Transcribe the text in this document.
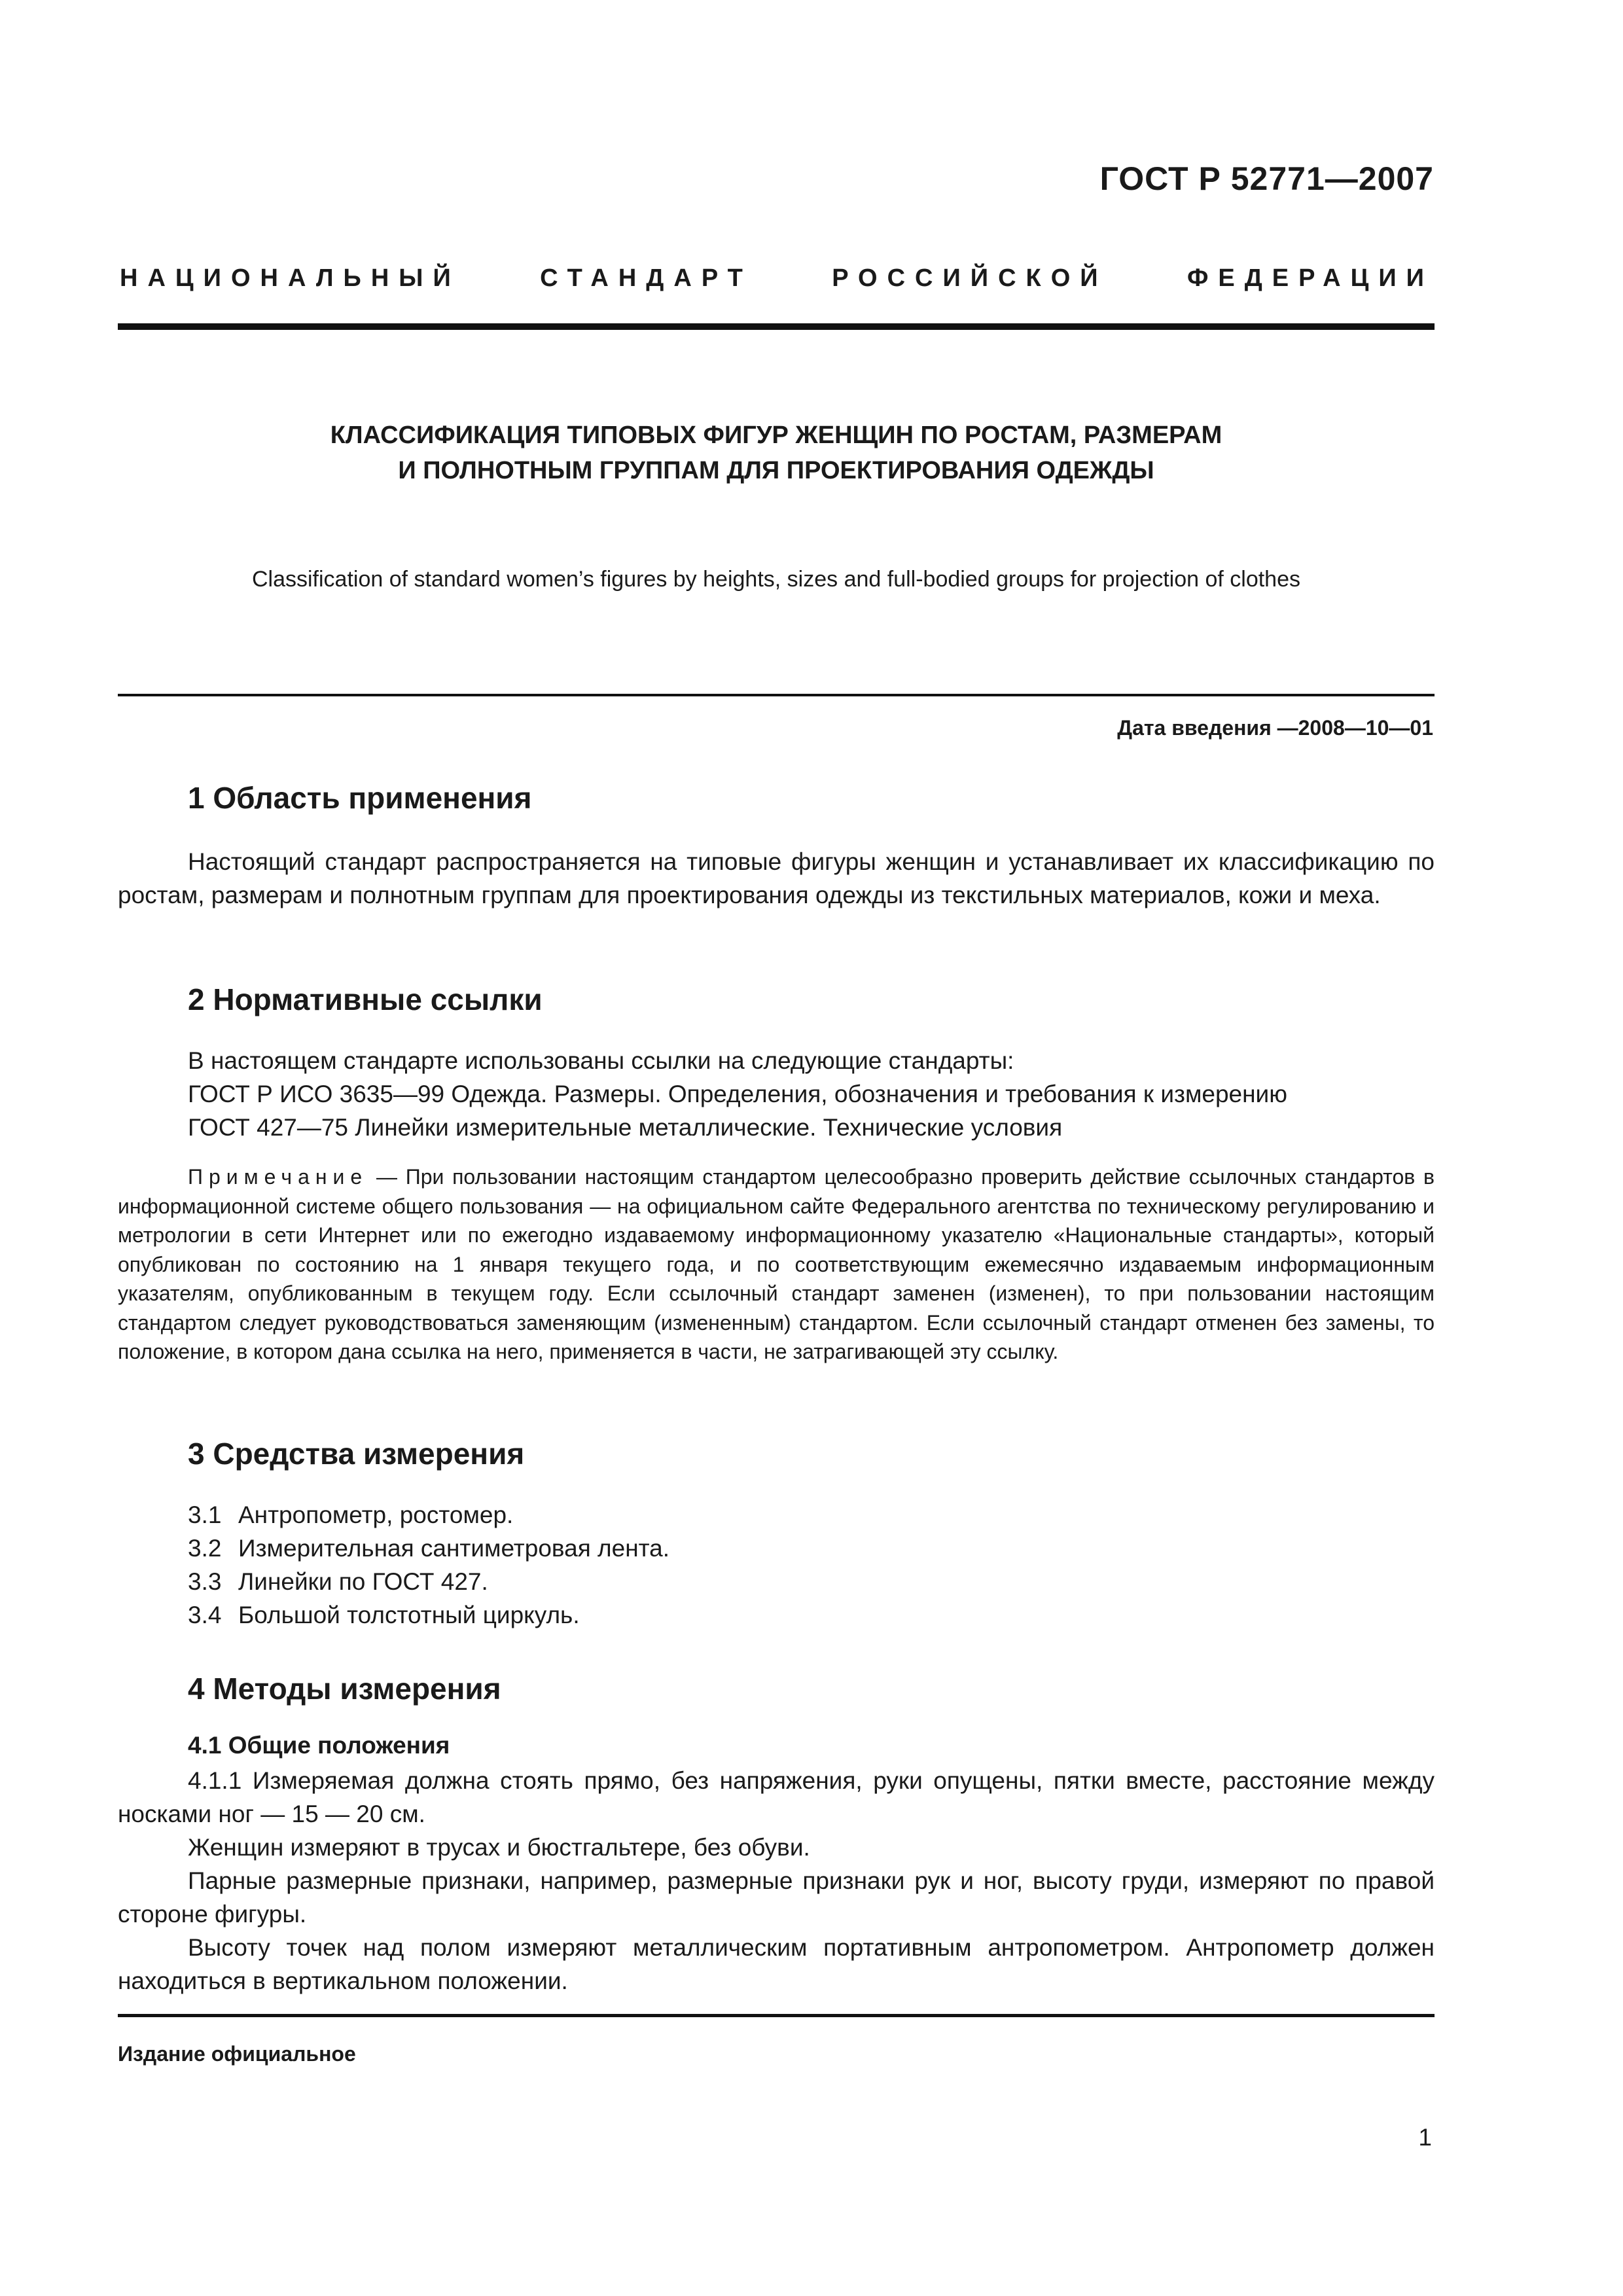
ГОСТ Р 52771—2007
НАЦИОНАЛЬНЫЙ	СТАНДАРТ	РОССИЙСКОЙ	ФЕДЕРАЦИИ
КЛАССИФИКАЦИЯ ТИПОВЫХ ФИГУР ЖЕНЩИН ПО РОСТАМ, РАЗМЕРАМ
И ПОЛНОТНЫМ ГРУППАМ ДЛЯ ПРОЕКТИРОВАНИЯ ОДЕЖДЫ
Classification of standard women’s figures by heights, sizes and full-bodied groups for projection of clothes
Дата введения —2008—10—01
1 Область применения

Настоящий стандарт распространяется на типовые фигуры женщин и устанавливает их классификацию по ростам, размерам и полнотным группам для проектирования одежды из текстильных материалов, кожи и меха.

2 Нормативные ссылки
В настоящем стандарте использованы ссылки на следующие стандарты:
ГОСТ Р ИСО 3635—99 Одежда. Размеры. Определения, обозначения и требования к измерению
ГОСТ 427—75 Линейки измерительные металлические. Технические условия

Примечание — При пользовании настоящим стандартом целесообразно проверить действие ссылочных стандартов в информационной системе общего пользования — на официальном сайте Федерального агентства по техническому регулированию и метрологии в сети Интернет или по ежегодно издаваемому информационному указателю «Национальные стандарты», который опубликован по состоянию на 1 января текущего года, и по соответствующим ежемесячно издаваемым информационным указателям, опубликованным в текущем году. Если ссылочный стандарт заменен (изменен), то при пользовании настоящим стандартом следует руководствоваться заменяющим (измененным) стандартом. Если ссылочный стандарт отменен без замены, то положение, в котором дана ссылка на него, применяется в части, не затрагивающей эту ссылку.

3 Средства измерения
3.1 Антропометр, ростомер.
3.2 Измерительная сантиметровая лента.
3.3 Линейки по ГОСТ 427.
3.4 Большой толстотный циркуль.
4 Методы измерения
4.1 Общие положения

4.1.1 Измеряемая должна стоять прямо, без напряжения, руки опущены, пятки вместе, расстояние между носками ног — 15 — 20 см.

Женщин измеряют в трусах и бюстгальтере, без обуви.

Парные размерные признаки, например, размерные признаки рук и ног, высоту груди, измеряют по правой стороне фигуры.

Высоту точек над полом измеряют металлическим портативным антропометром. Антропометр должен находиться в вертикальном положении.

Издание официальное
1
